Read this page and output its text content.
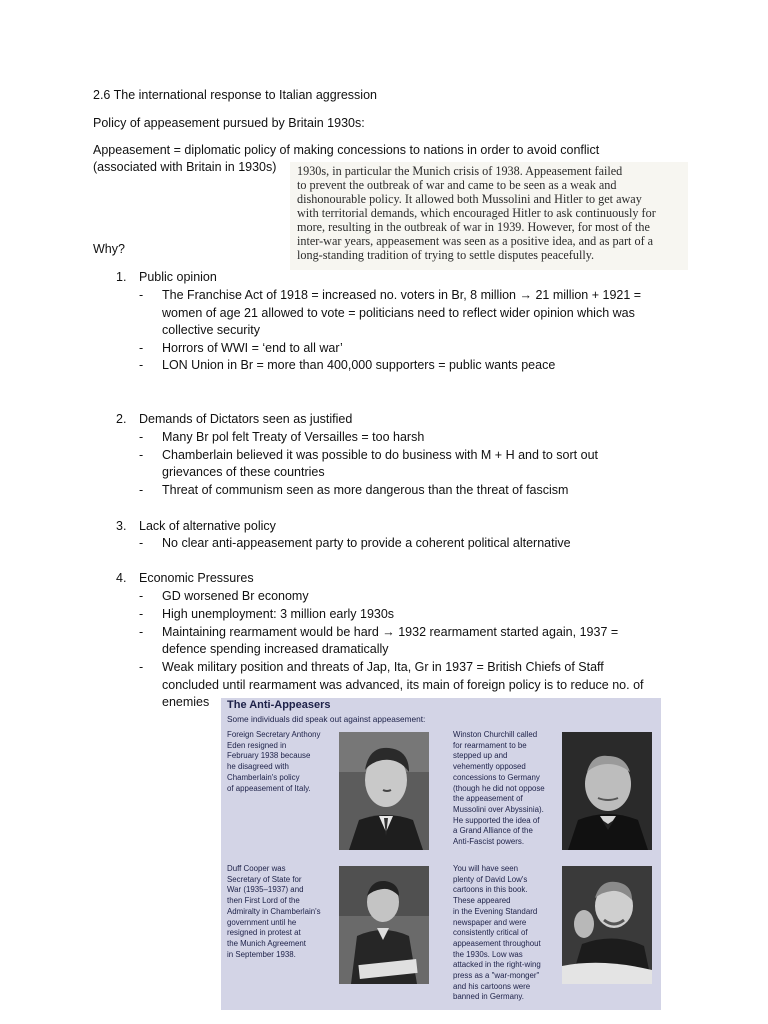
2.6 The international response to Italian aggression
Policy of appeasement pursued by Britain 1930s:
Appeasement = diplomatic policy of making concessions to nations in order to avoid conflict
(associated with Britain in 1930s)
Why?
1930s, in particular the Munich crisis of 1938. Appeasement failed
to prevent the outbreak of war and came to be seen as a weak and
dishonourable policy. It allowed both Mussolini and Hitler to get away
with territorial demands, which encouraged Hitler to ask continuously for
more, resulting in the outbreak of war in 1939. However, for most of the
inter-war years, appeasement was seen as a positive idea, and as part of a
long-standing tradition of trying to settle disputes peacefully.
1. Public opinion
- The Franchise Act of 1918 = increased no. voters in Br, 8 million → 21 million + 1921 =
women of age 21 allowed to vote = politicians need to reflect wider opinion which was
collective security
- Horrors of WWI = ‘end to all war’
- LON Union in Br = more than 400,000 supporters = public wants peace
2. Demands of Dictators seen as justified
- Many Br pol felt Treaty of Versailles = too harsh
- Chamberlain believed it was possible to do business with M + H and to sort out
grievances of these countries
- Threat of communism seen as more dangerous than the threat of fascism
3. Lack of alternative policy
- No clear anti-appeasement party to provide a coherent political alternative
4. Economic Pressures
- GD worsened Br economy
- High unemployment: 3 million early 1930s
- Maintaining rearmament would be hard → 1932 rearmament started again, 1937 =
defence spending increased dramatically
- Weak military position and threats of Jap, Ita, Gr in 1937 = British Chiefs of Staff
concluded until rearmament was advanced, its main of foreign policy is to reduce no. of
enemies The Anti-Appeasers
Some individuals did speak out against appeasement:
Foreign Secretary Anthony
Eden resigned in
February 1938 because
he disagreed with
Chamberlain's policy
of appeasement of Italy.
Winston Churchill called
for rearmament to be
stepped up and
vehemently opposed
concessions to Germany
(though he did not oppose
the appeasement of
Mussolini over Abyssinia).
He supported the idea of
a Grand Alliance of the
Anti-Fascist powers.
Duff Cooper was
Secretary of State for
War (1935–1937) and
then First Lord of the
Admiralty in Chamberlain's
government until he
resigned in protest at
the Munich Agreement
in September 1938.
You will have seen
plenty of David Low's
cartoons in this book.
These appeared
in the Evening Standard
newspaper and were
consistently critical of
appeasement throughout
the 1930s. Low was
attacked in the right-wing
press as a "war-monger"
and his cartoons were
banned in Germany.
